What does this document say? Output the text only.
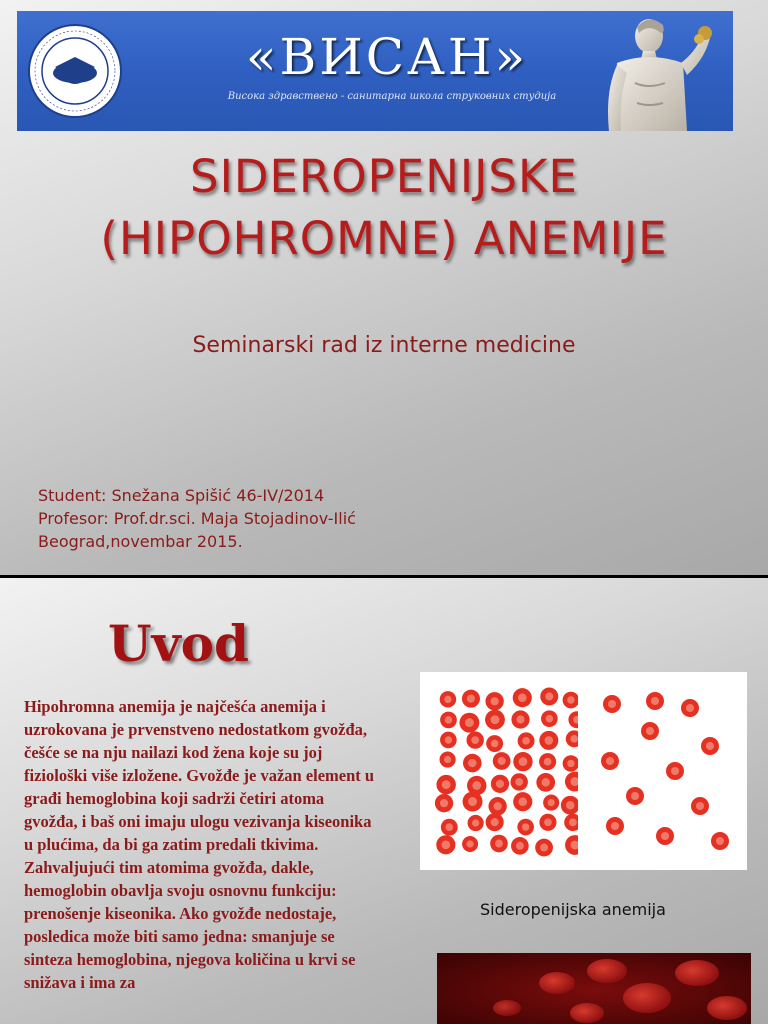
«ВИСАН»
Висока здравствено - санитарна школа струковних студија
SIDEROPENIJSKE
(HIPOHROMNE) ANEMIJE
Seminarski rad iz interne medicine
Student: Snežana Spišić 46-IV/2014
Profesor: Prof.dr.sci. Maja Stojadinov-Ilić
Beograd,novembar 2015.
Uvod
Hipohromna anemija je najčešća anemija i uzrokovana je prvenstveno nedostatkom gvožđa, češće se na nju nailazi kod žena koje su joj fiziološki više izložene. Gvožđe je važan element u građi hemoglobina koji sadrži četiri atoma gvožđa, i baš oni imaju ulogu vezivanja kiseonika u plućima, da bi ga zatim predali tkivima. Zahvaljujući tim atomima gvožđa, dakle, hemoglobin obavlja svoju osnovnu funkciju: prenošenje kiseonika. Ako gvožđe nedostaje, posledica može biti samo jedna: smanjuje se sinteza hemoglobina, njegova količina u krvi se snižava i ima za
Sideropenijska anemija
